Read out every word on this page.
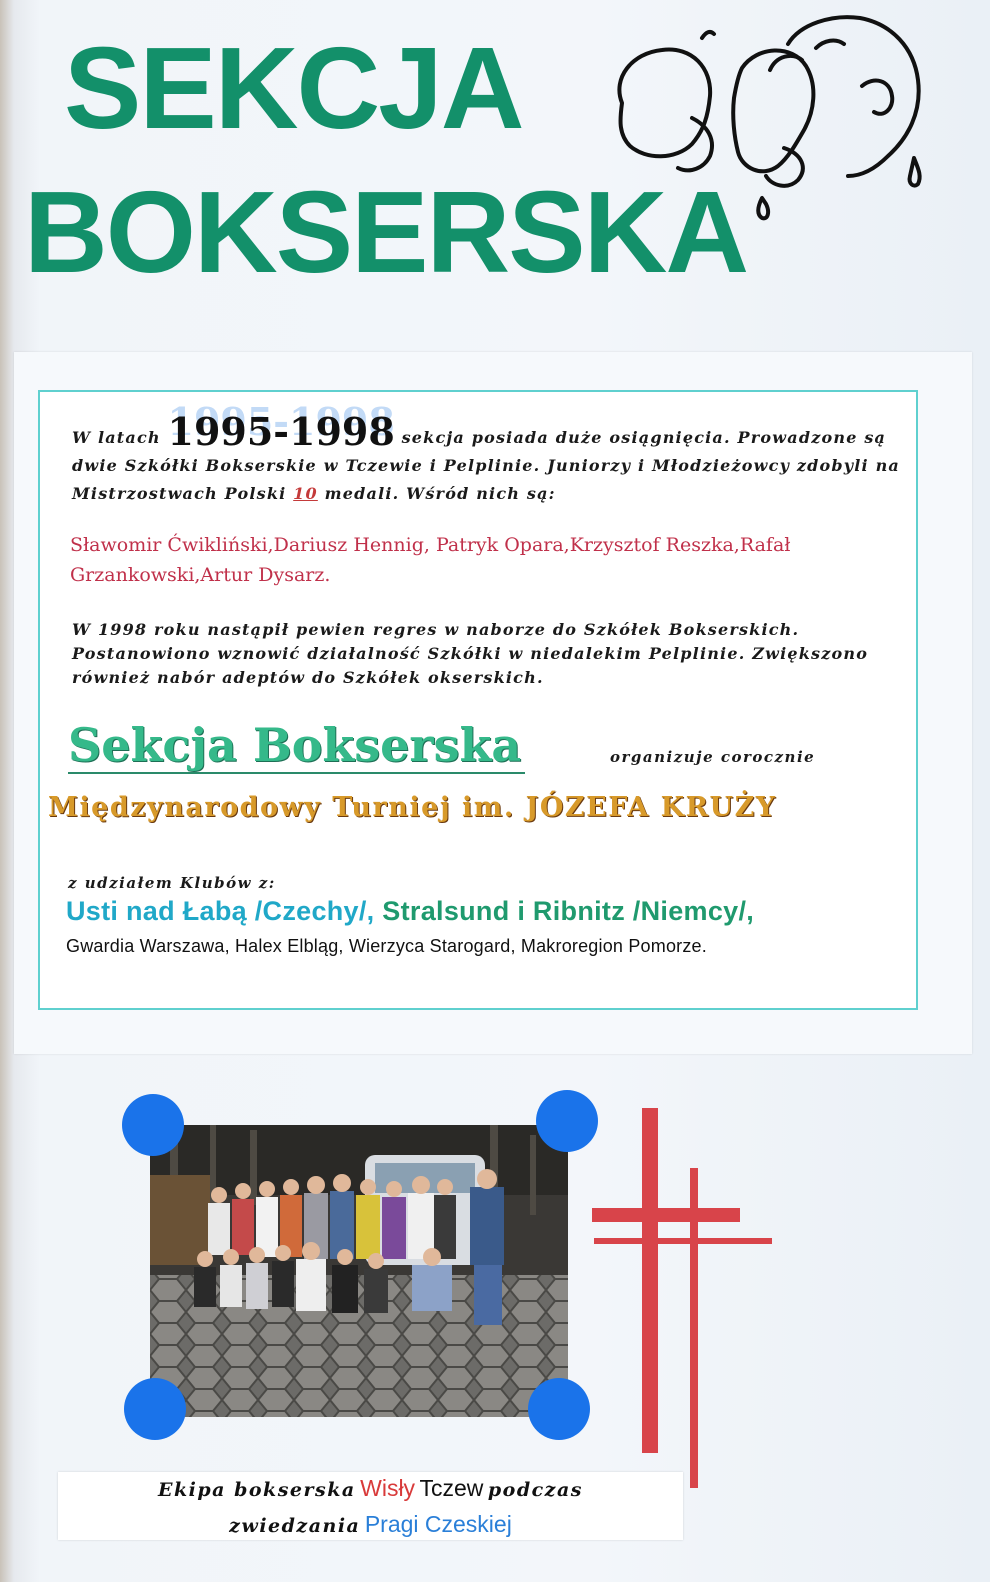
SEKCJA
BOKSERSKA
W latach 1995-1998 sekcja posiada duże osiągnięcia. Prowadzone są dwie Szkółki Bokserskie w Tczewie i Pelplinie. Juniorzy i Młodzieżowcy zdobyli na Mistrzostwach Polski 10 medali. Wśród nich są:
Sławomir Ćwikliński,Dariusz Hennig, Patryk Opara,Krzysztof Reszka,Rafał Grzankowski,Artur Dysarz.
W 1998 roku nastąpił pewien regres w naborze do Szkółek Bokserskich. Postanowiono wznowić działalność Szkółki w niedalekim Pelplinie. Zwiększono również nabór adeptów do Szkółek okserskich.
Sekcja Bokserska	organizuje corocznie
Międzynarodowy Turniej im. JÓZEFA KRUŻY
z udziałem Klubów z:
Usti nad Łabą /Czechy/, Stralsund i Ribnitz /Niemcy/,
Gwardia Warszawa, Halex Elbląg, Wierzyca Starogard, Makroregion Pomorze.
Ekipa bokserska Wisły Tczew podczas
zwiedzania Pragi Czeskiej
